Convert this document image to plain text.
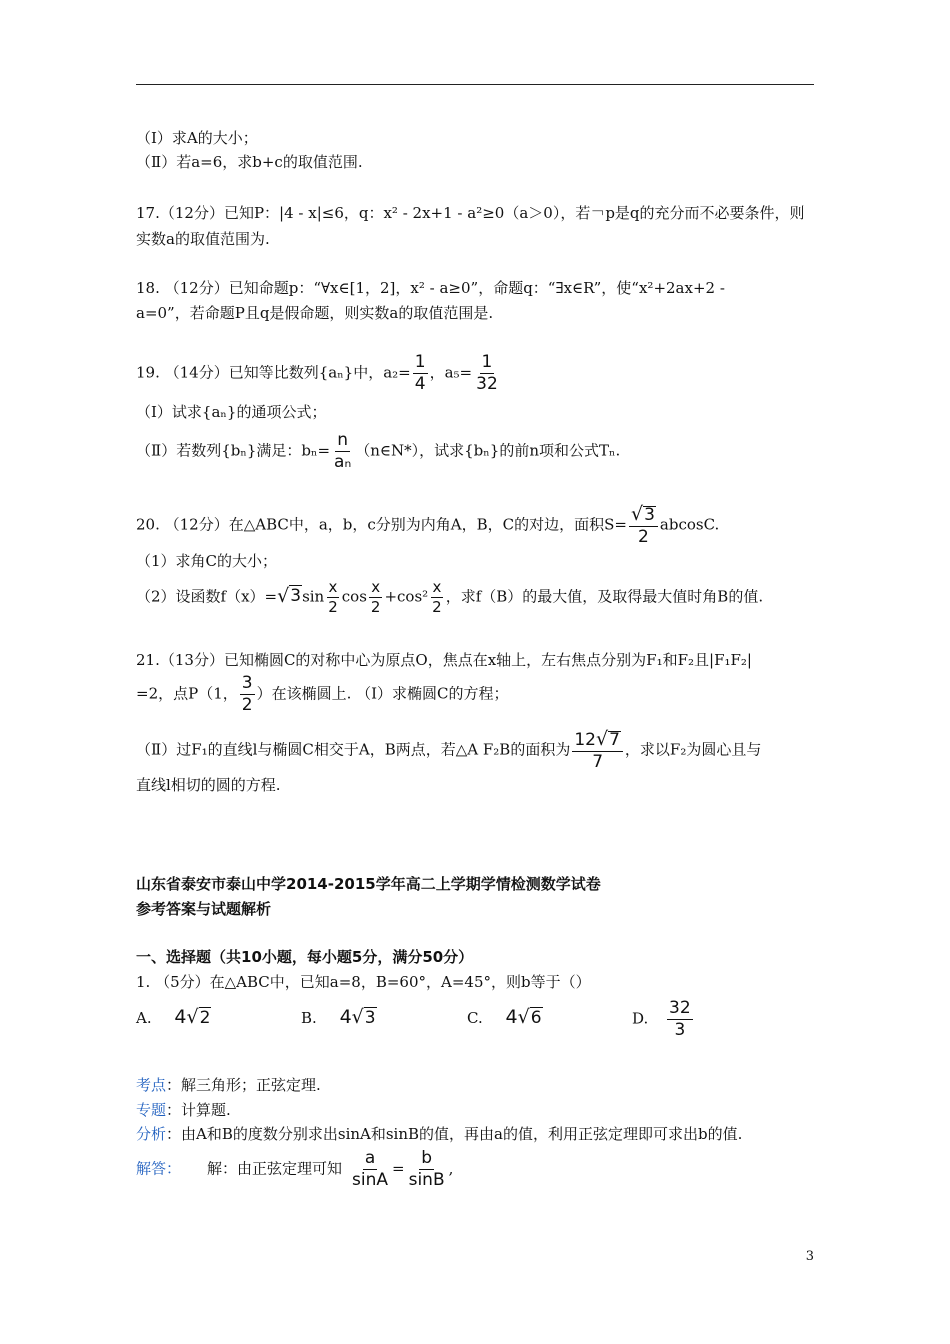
（Ⅰ）求A的大小；
（Ⅱ）若a=6，求b+c的取值范围.
17.（12分）已知P：|4 - x|≤6，q：x² - 2x+1 - a²≥0（a＞0），若￢p是q的充分而不必要条件，则
实数a的取值范围为.
18. （12分）已知命题p：“∀x∈[1，2]，x² - a≥0”，命题q：“∃x∈R”，使“x²+2ax+2 -
a=0”，若命题P且q是假命题，则实数a的取值范围是.
19. （14分）已知等比数列{aₙ}中，$a_2= \frac{1}{4}$ ，$a_5= \frac{1}{32}$
（Ⅰ）试求{aₙ}的通项公式；
（Ⅱ）若数列{bₙ}满足：$b_n= \frac{n}{\text{aₙ}}$ （n∈N*），试求{bₙ}的前n项和公式Tₙ.
20. （12分）在△ABC中，a，b，c分别为内角A，B，C的对边，面积$S= \frac{√ 3}{2} abcosC$.
（1）求角C的大小；
（2）设函数f（x）= √ 3 $\sin \frac{x}{2}$ $\cos \frac{x}{2} +\cos^2 \frac{x}{2}$ ，求f（B）的最大值，及取得最大值时角B的值.
21.（13分）已知椭圆C的对称中心为原点O，焦点在x轴上，左右焦点分别为F₁和F₂且|F₁F₂|
=2，点P（1， $\frac{3}{2}$ ）在该椭圆上. （Ⅰ）求椭圆C的方程；
（Ⅱ）过F₁的直线l与椭圆C相交于A，B两点，若△A F₂B的面积为 $\frac{12 √ 7}{7}$ ，求以F₂为圆心且与
直线l相切的圆的方程.
山东省泰安市泰山中学2014-2015学年高二上学期学情检测数学试卷
参考答案与试题解析
一、选择题（共10小题，每小题5分，满分50分）
1. （5分）在△ABC中，已知a=8，B=60°，A=45°，则b等于（）
A. 4 √ 2	B. 4 √ 3	C. 4 √ 6	D. $\frac{32}{3}$
考点：解三角形；正弦定理.
专题：计算题.
分析：由A和B的度数分别求出sinA和sinB的值，再由a的值，利用正弦定理即可求出b的值.
解答： 解：由正弦定理可知 $\frac{a}{\sin A} = \frac{b}{\sin B}$ ,
3
